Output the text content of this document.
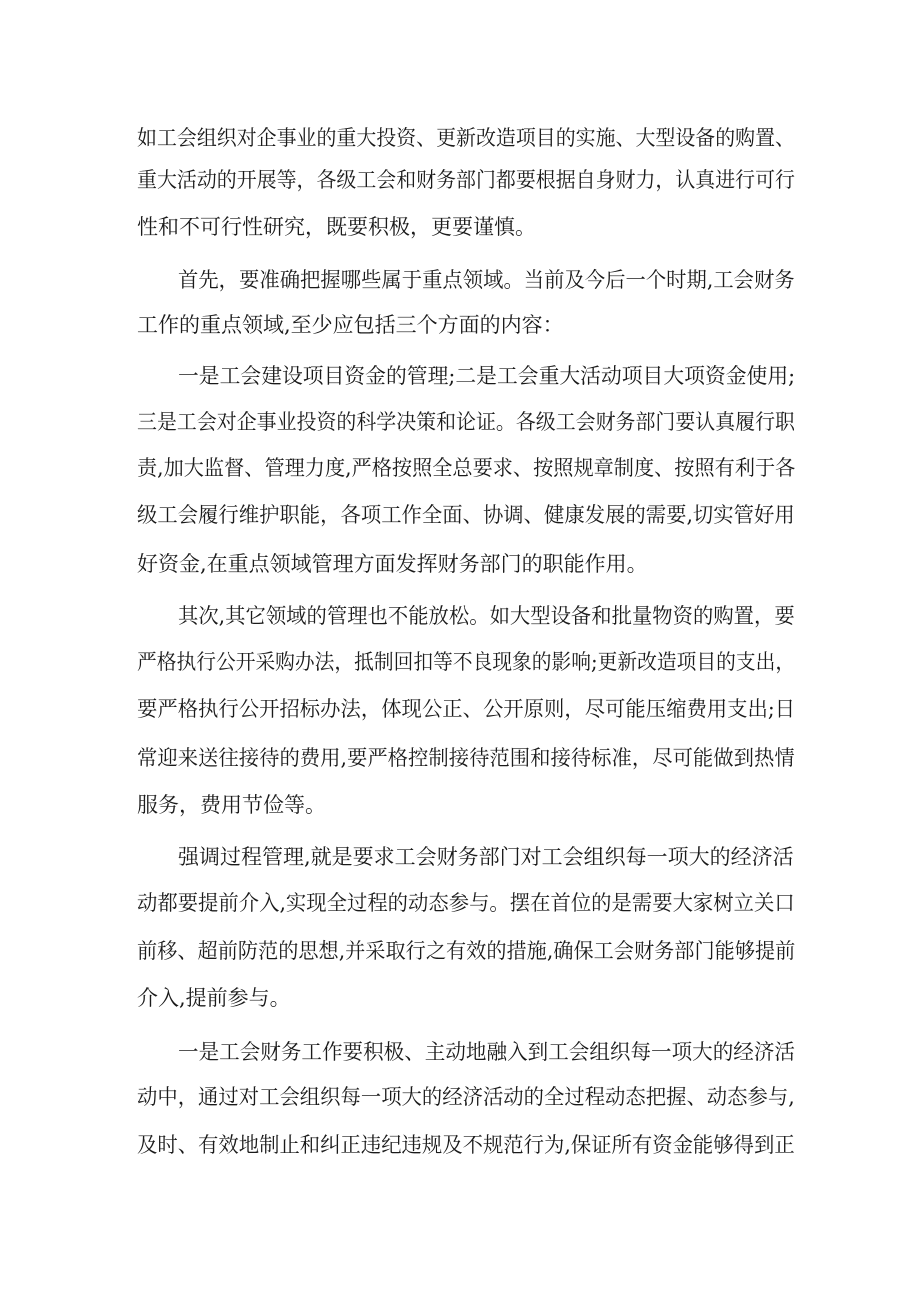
如工会组织对企事业的重大投资、更新改造项目的实施、大型设备的购置、

重大活动的开展等，各级工会和财务部门都要根据自身财力，认真进行可行

性和不可行性研究，既要积极，更要谨慎。

首先，要准确把握哪些属于重点领域。当前及今后一个时期,工会财务

工作的重点领域,至少应包括三个方面的内容：

一是工会建设项目资金的管理;二是工会重大活动项目大项资金使用;

三是工会对企事业投资的科学决策和论证。各级工会财务部门要认真履行职

责,加大监督、管理力度,严格按照全总要求、按照规章制度、按照有利于各

级工会履行维护职能，各项工作全面、协调、健康发展的需要,切实管好用

好资金,在重点领域管理方面发挥财务部门的职能作用。

其次,其它领域的管理也不能放松。如大型设备和批量物资的购置，要

严格执行公开采购办法，抵制回扣等不良现象的影响;更新改造项目的支出，

要严格执行公开招标办法，体现公正、公开原则，尽可能压缩费用支出;日

常迎来送往接待的费用,要严格控制接待范围和接待标准，尽可能做到热情

服务，费用节俭等。

强调过程管理,就是要求工会财务部门对工会组织每一项大的经济活

动都要提前介入,实现全过程的动态参与。摆在首位的是需要大家树立关口

前移、超前防范的思想,并采取行之有效的措施,确保工会财务部门能够提前

介入,提前参与。

一是工会财务工作要积极、主动地融入到工会组织每一项大的经济活

动中，通过对工会组织每一项大的经济活动的全过程动态把握、动态参与,

及时、有效地制止和纠正违纪违规及不规范行为,保证所有资金能够得到正
